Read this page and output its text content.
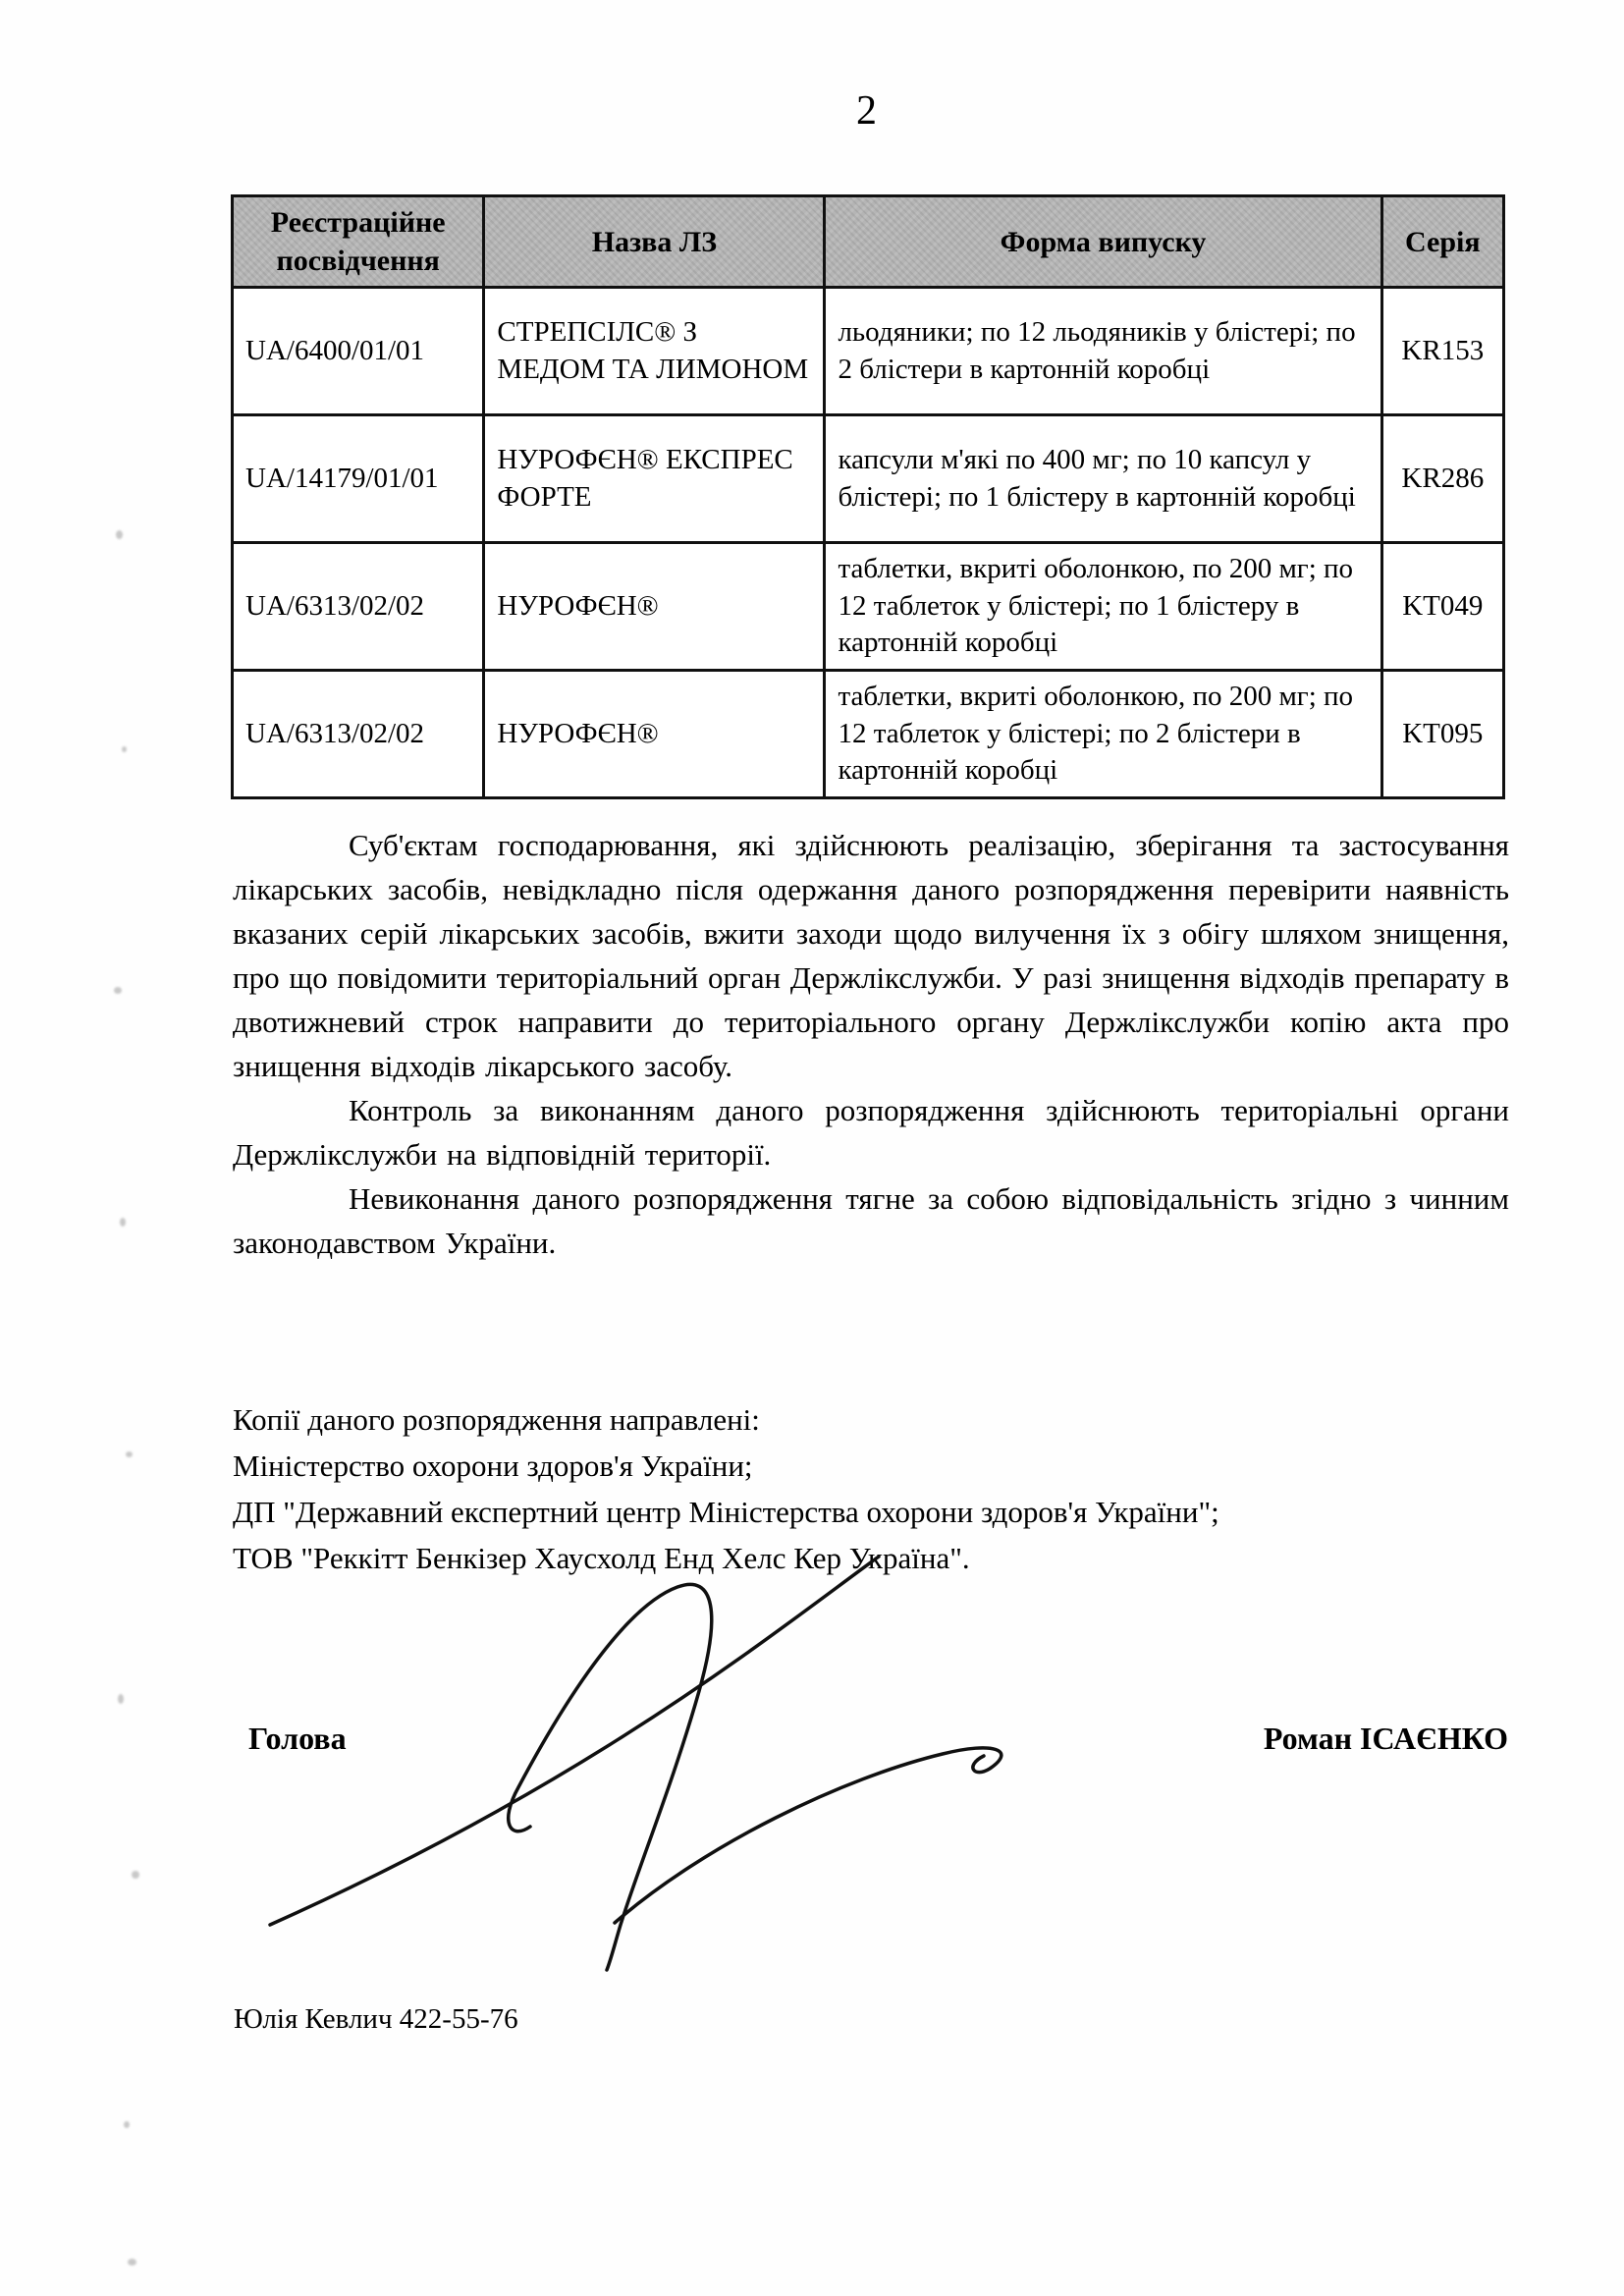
2
Реєстраційне посвідчення	Назва ЛЗ	Форма випуску	Серія
UA/6400/01/01	СТРЕПСІЛС® З МЕДОМ ТА ЛИМОНОМ	льодяники; по 12 льодяників у блістері; по 2 блістери в картонній коробці	KR153
UA/14179/01/01	НУРОФЄН® ЕКСПРЕС ФОРТЕ	капсули м'які по 400 мг; по 10 капсул у блістері; по 1 блістеру в картонній коробці	KR286
UA/6313/02/02	НУРОФЄН®	таблетки, вкриті оболонкою, по 200 мг; по 12 таблеток у блістері; по 1 блістеру в картонній коробці	KT049
UA/6313/02/02	НУРОФЄН®	таблетки, вкриті оболонкою, по 200 мг; по 12 таблеток у блістері; по 2 блістери в картонній коробці	KT095

Суб'єктам господарювання, які здійснюють реалізацію, зберігання та застосування лікарських засобів, невідкладно після одержання даного розпорядження перевірити наявність вказаних серій лікарських засобів, вжити заходи щодо вилучення їх з обігу шляхом знищення, про що повідомити територіальний орган Держлікслужби. У разі знищення відходів препарату в двотижневий строк направити до територіального органу Держлікслужби копію акта про знищення відходів лікарського засобу.

Контроль за виконанням даного розпорядження здійснюють територіальні органи Держлікслужби на відповідній території.

Невиконання даного розпорядження тягне за собою відповідальність згідно з чинним законодавством України.

Копії даного розпорядження направлені:
Міністерство охорони здоров'я України;
ДП "Державний експертний центр Міністерства охорони здоров'я України";
ТОВ "Реккітт Бенкізер Хаусхолд Енд Хелс Кер Україна".
Голова	Роман ІСАЄНКО
Юлія Кевлич 422-55-76
